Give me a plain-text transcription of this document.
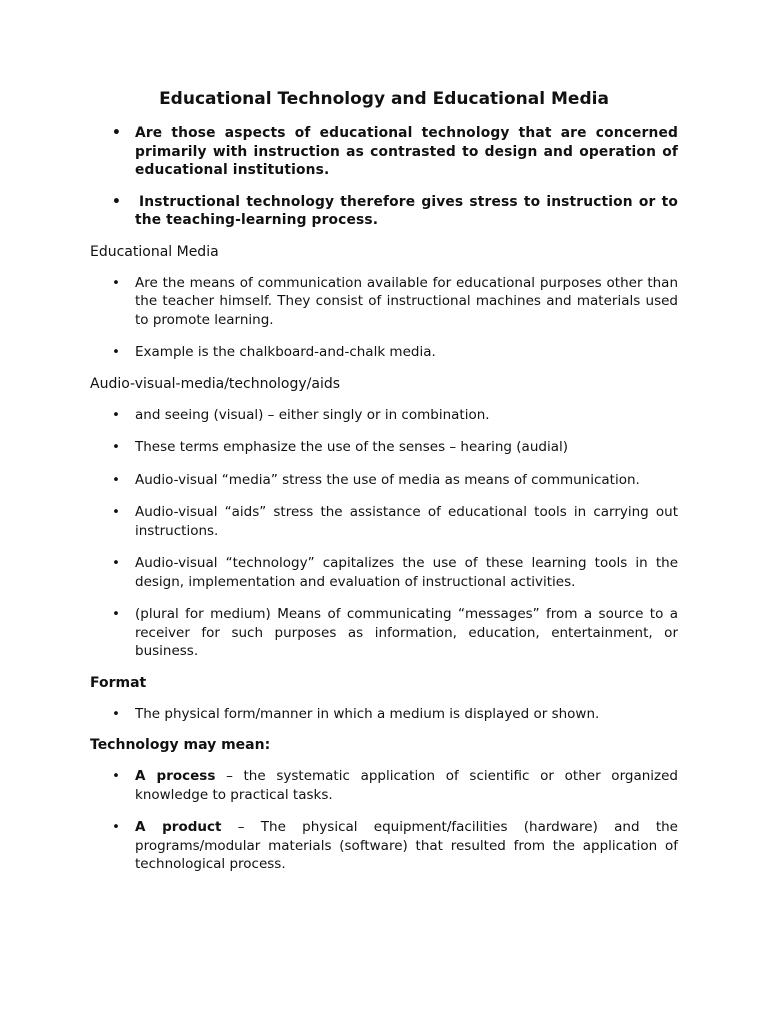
Educational Technology and Educational Media
• Are those aspects of educational technology that are concerned primarily with instruction as contrasted to design and operation of educational institutions.
• Instructional technology therefore gives stress to instruction or to the teaching-learning process.
Educational Media
• Are the means of communication available for educational purposes other than the teacher himself. They consist of instructional machines and materials used to promote learning.
• Example is the chalkboard-and-chalk media.
Audio-visual-media/technology/aids
• and seeing (visual) – either singly or in combination.
• These terms emphasize the use of the senses – hearing (audial)
• Audio-visual “media” stress the use of media as means of communication.
• Audio-visual “aids” stress the assistance of educational tools in carrying out instructions.
• Audio-visual “technology” capitalizes the use of these learning tools in the design, implementation and evaluation of instructional activities.
• (plural for medium) Means of communicating “messages” from a source to a receiver for such purposes as information, education, entertainment, or business.
Format
• The physical form/manner in which a medium is displayed or shown.
Technology may mean:
• A process – the systematic application of scientific or other organized knowledge to practical tasks.
• A product – The physical equipment/facilities (hardware) and the programs/modular materials (software) that resulted from the application of technological process.
